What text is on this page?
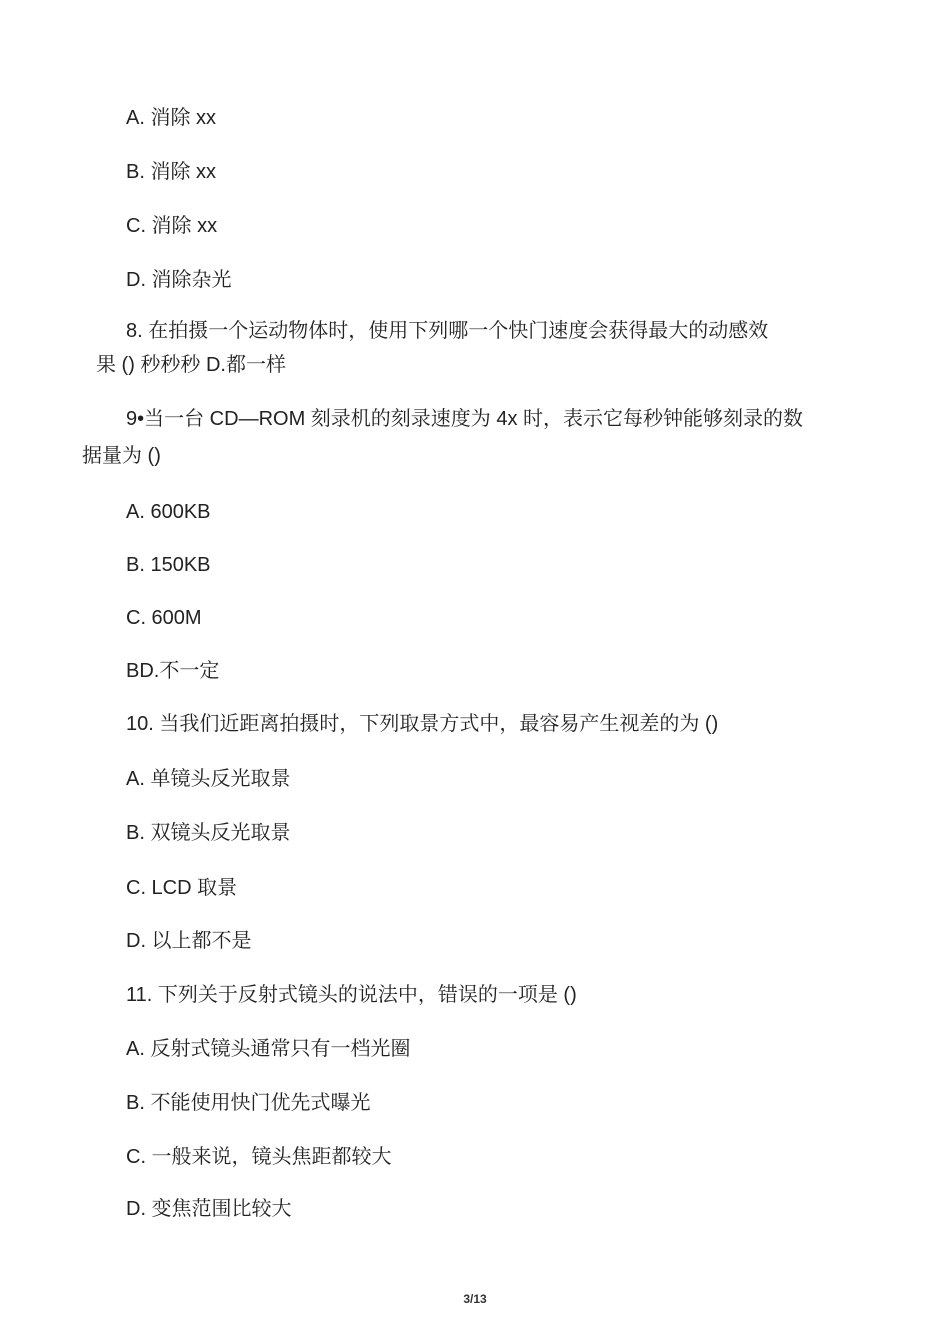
A. 消除 xx
B. 消除 xx
C. 消除 xx
D. 消除杂光
8. 在拍摄一个运动物体时，使用下列哪一个快门速度会获得最大的动感效
果 () 秒秒秒 D.都一样
9•当一台 CD—ROM 刻录机的刻录速度为 4x 时，表示它每秒钟能够刻录的数
据量为 ()
A. 600KB
B. 150KB
C. 600M
BD.不一定
10. 当我们近距离拍摄时，下列取景方式中，最容易产生视差的为 ()
A. 单镜头反光取景
B. 双镜头反光取景
C. LCD 取景
D. 以上都不是
11. 下列关于反射式镜头的说法中，错误的一项是 ()
A. 反射式镜头通常只有一档光圈
B. 不能使用快门优先式曝光
C. 一般来说，镜头焦距都较大
D. 变焦范围比较大
3/13
